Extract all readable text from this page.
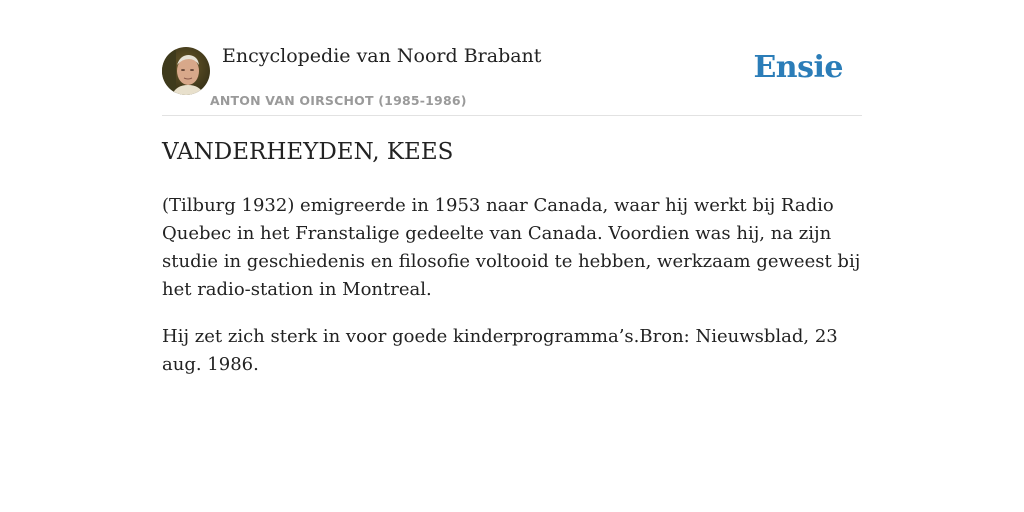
Encyclopedie van Noord Brabant
ANTON VAN OIRSCHOT (1985-1986)
Ensie
VANDERHEYDEN, KEES

(Tilburg 1932) emigreerde in 1953 naar Canada, waar hij werkt bij Radio Quebec in het Franstalige gedeelte van Canada. Voordien was hij, na zijn studie in geschiedenis en filosofie voltooid te hebben, werkzaam geweest bij het radio-station in Montreal.

Hij zet zich sterk in voor goede kinderprogramma’s.Bron: Nieuwsblad, 23 aug. 1986.
